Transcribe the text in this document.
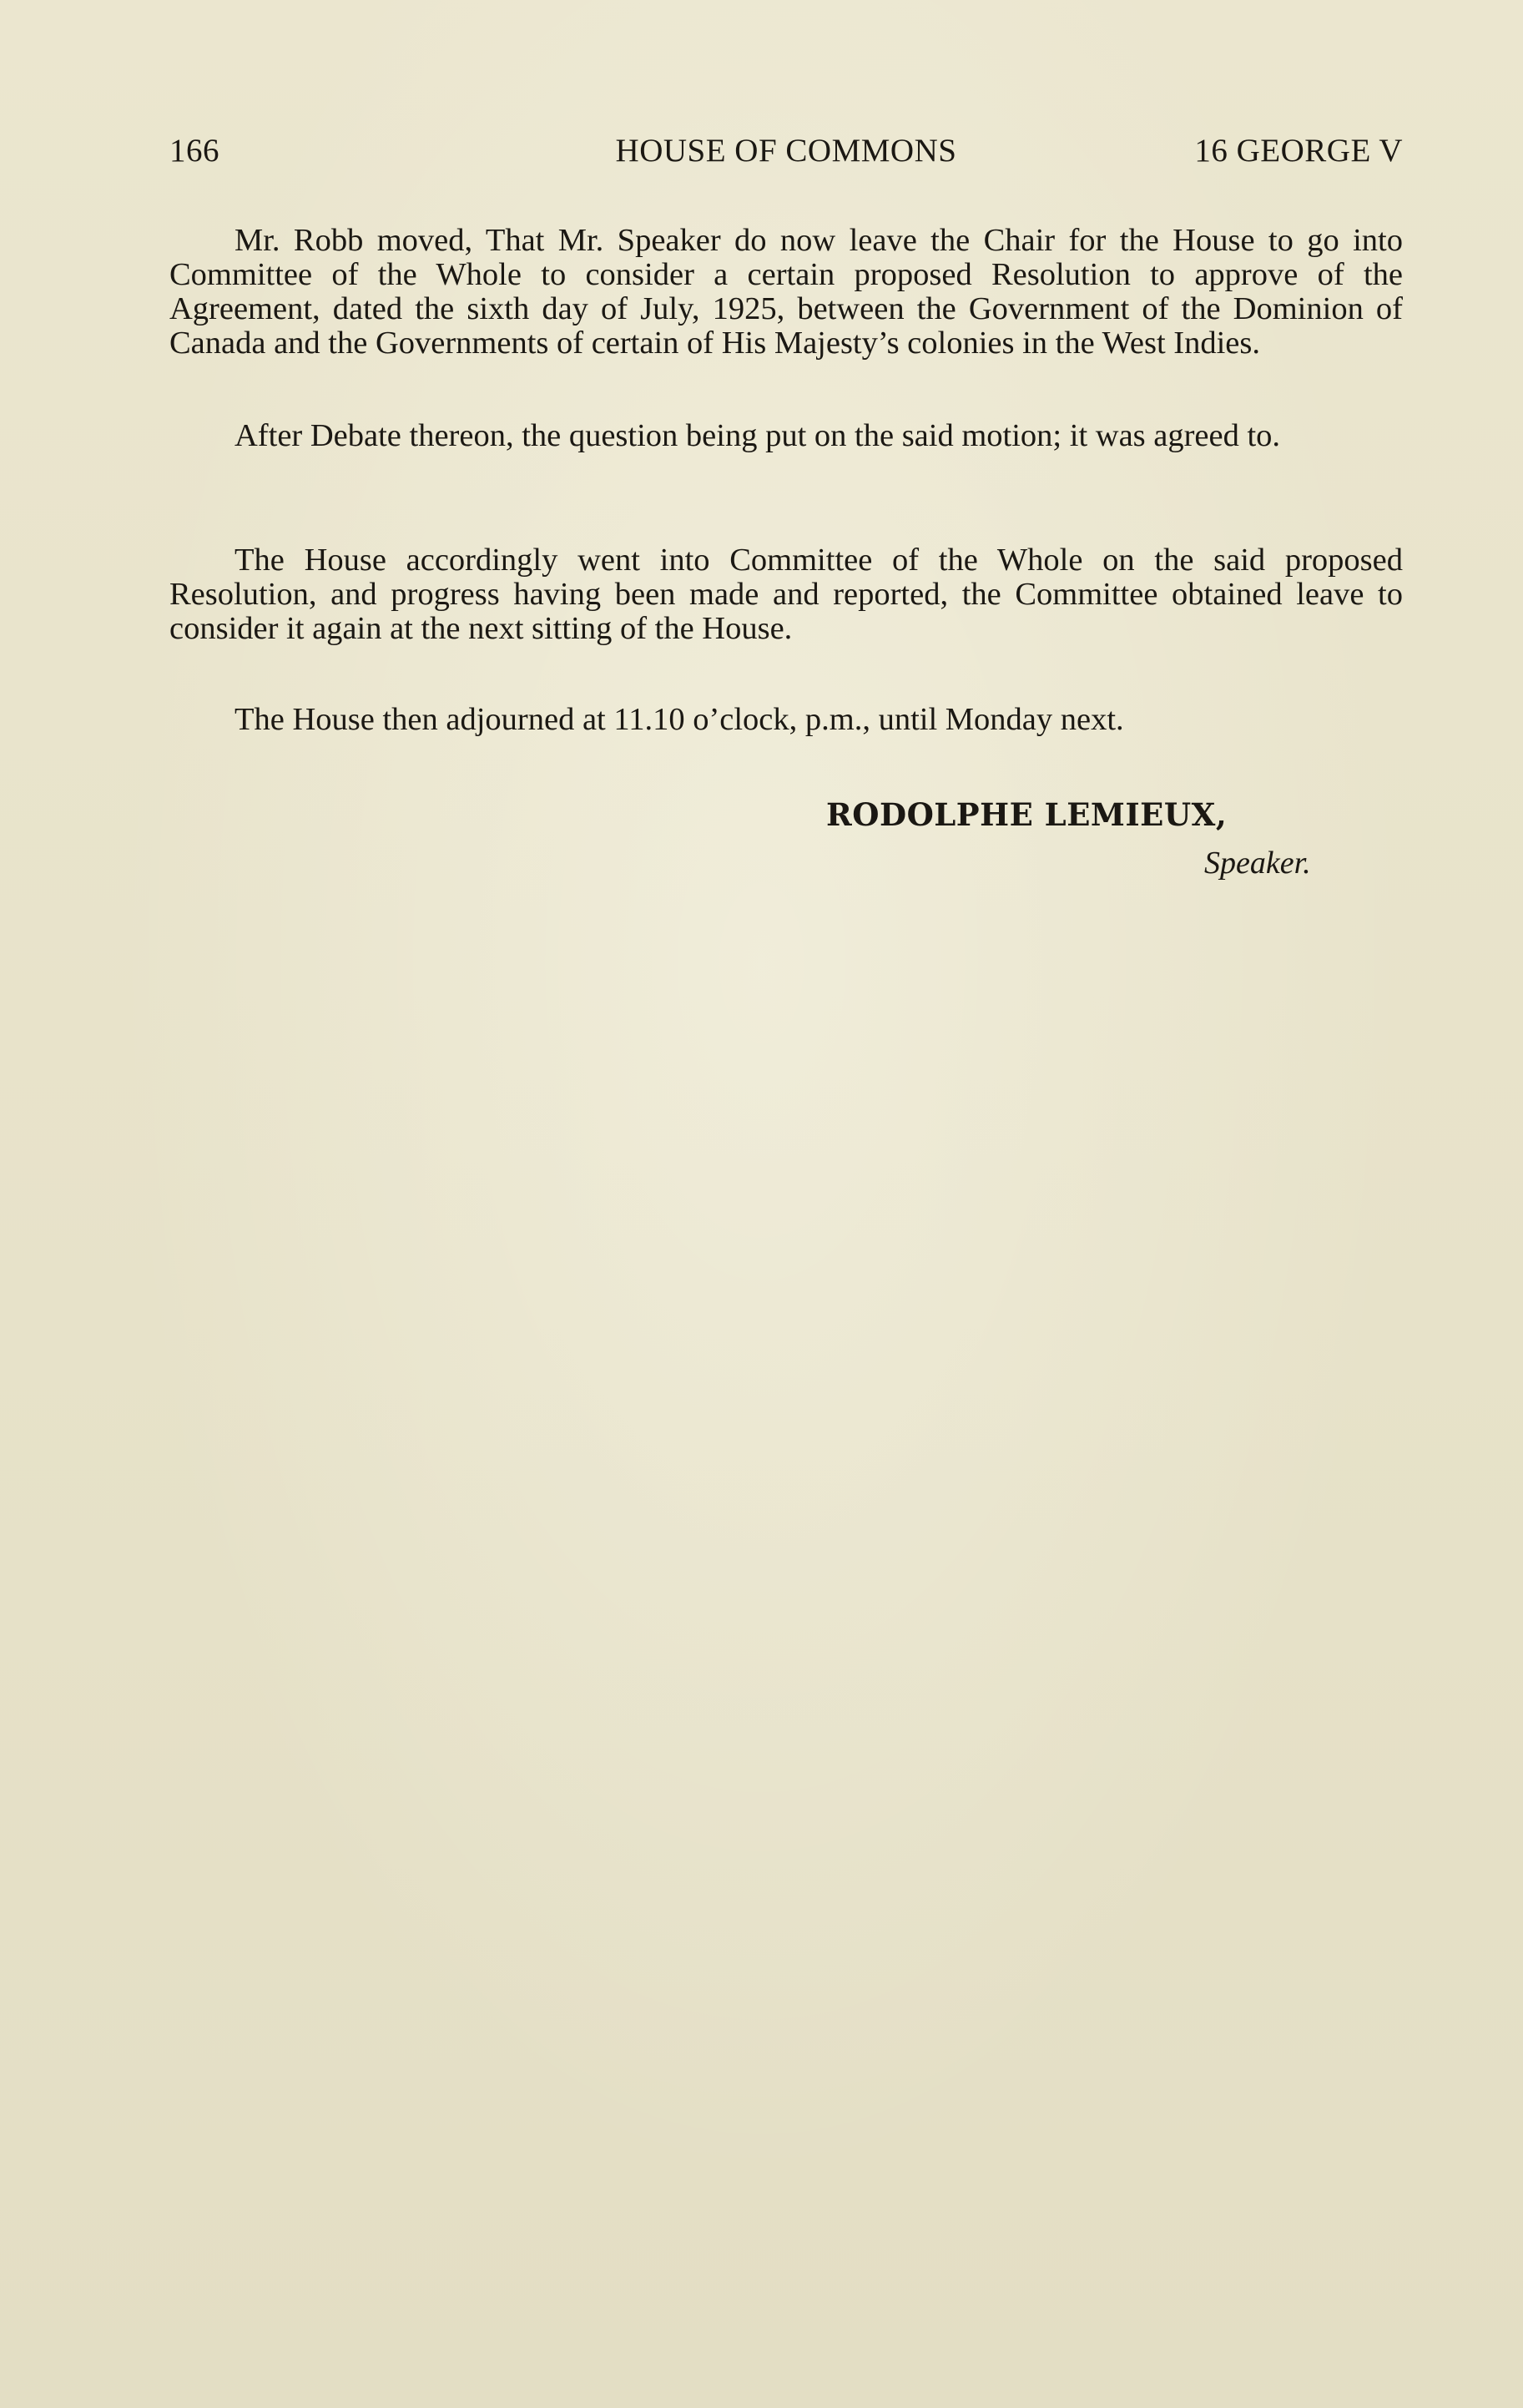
166	HOUSE OF COMMONS	16 GEORGE V

Mr. Robb moved, That Mr. Speaker do now leave the Chair for the House to go into Committee of the Whole to consider a certain proposed Resolution to approve of the Agreement, dated the sixth day of July, 1925, between the Government of the Dominion of Canada and the Governments of certain of His Majesty’s colonies in the West Indies.

After Debate thereon, the question being put on the said motion; it was agreed to.

The House accordingly went into Committee of the Whole on the said proposed Resolution, and progress having been made and reported, the Committee obtained leave to consider it again at the next sitting of the House.

The House then adjourned at 11.10 o’clock, p.m., until Monday next.

RODOLPHE LEMIEUX,
Speaker.
